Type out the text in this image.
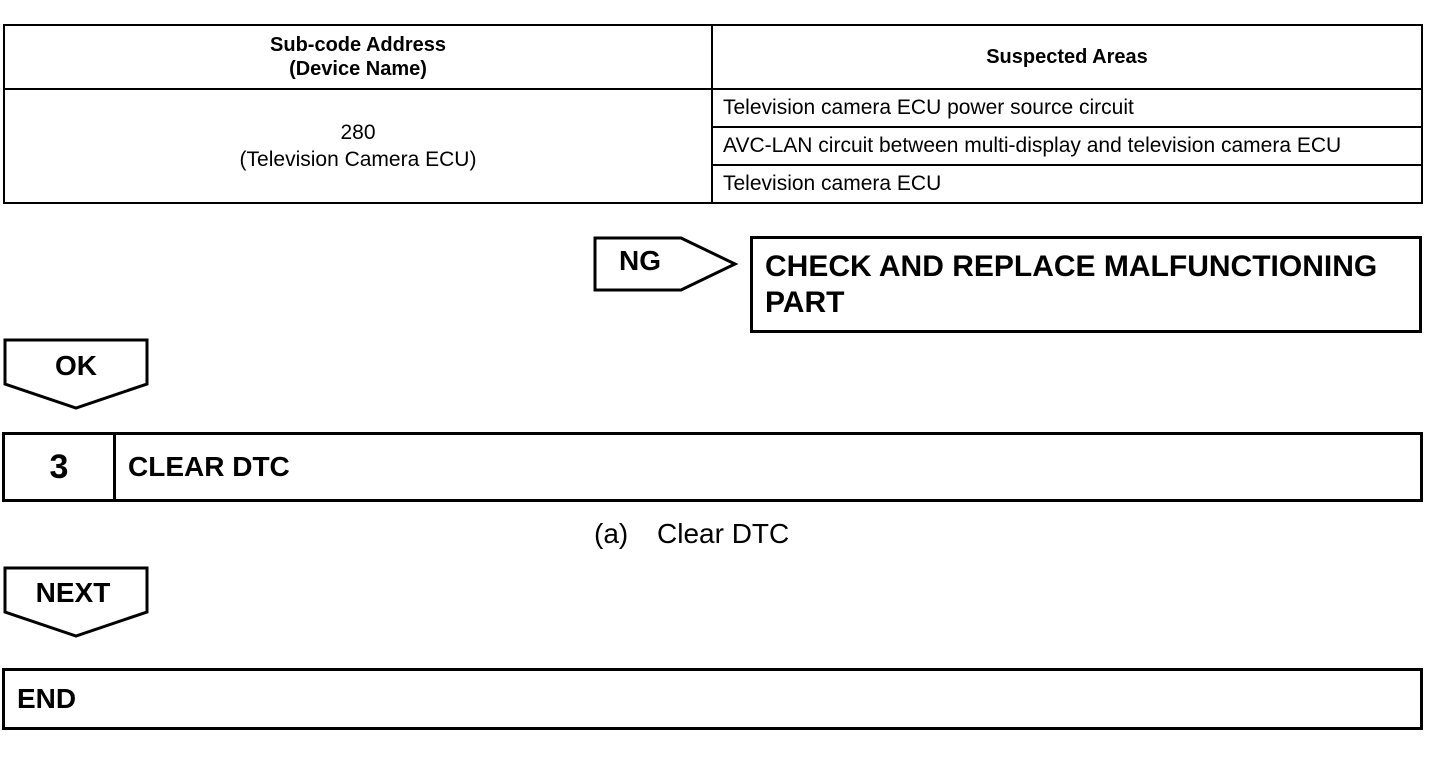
Sub-code Address
(Device Name)	Suspected Areas

280
(Television Camera ECU)	Television camera ECU power source circuit
	AVC-LAN circuit between multi-display and television camera ECU
	Television camera ECU
NG	CHECK AND REPLACE MALFUNCTIONING
PART
OK
3	CLEAR DTC
(a) Clear DTC
NEXT
END
